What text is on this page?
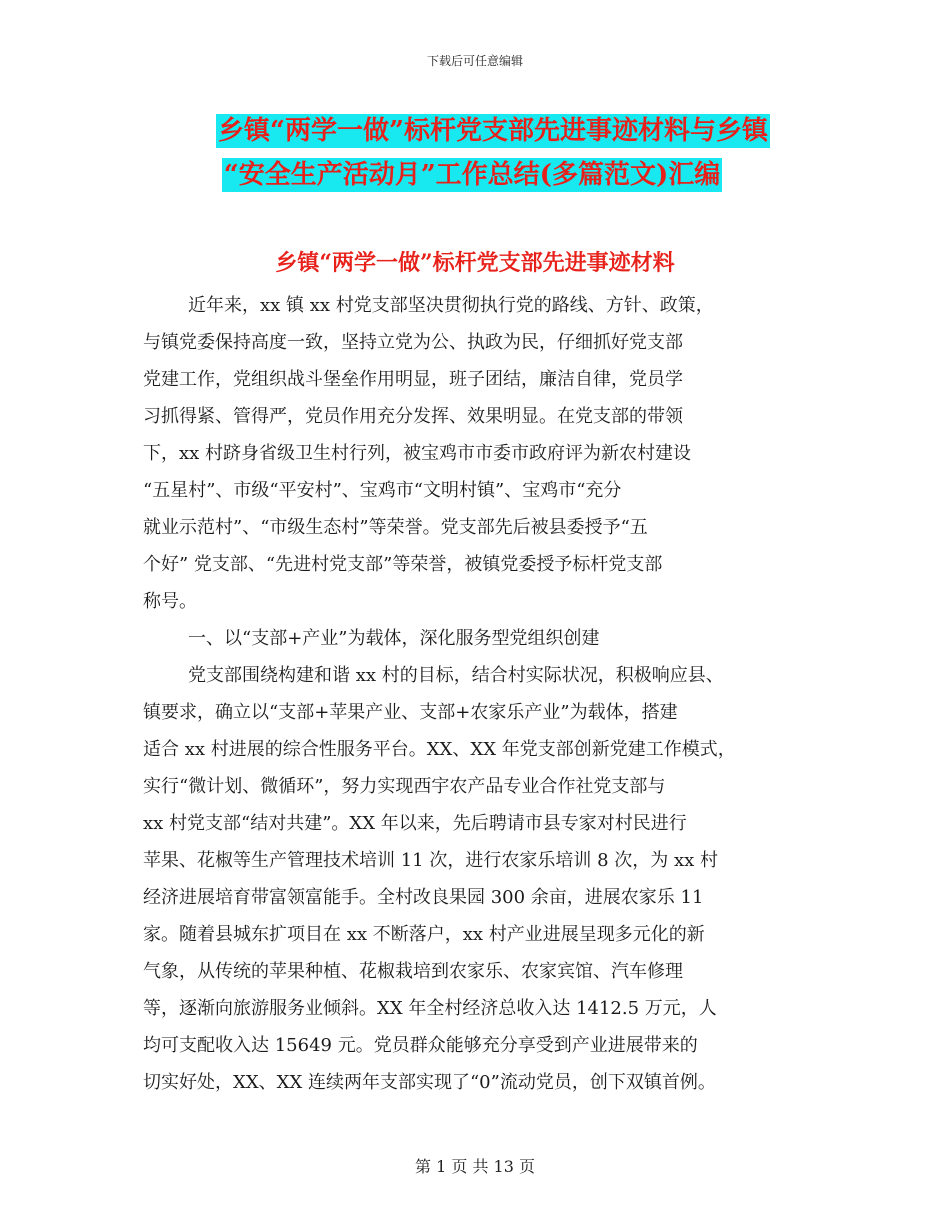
下载后可任意编辑
乡镇“两学一做”标杆党支部先进事迹材料与乡镇
“安全生产活动月”工作总结(多篇范文)汇编
乡镇“两学一做”标杆党支部先进事迹材料
近年来，xx 镇 xx 村党支部坚决贯彻执行党的路线、方针、政策，
与镇党委保持高度一致，坚持立党为公、执政为民，仔细抓好党支部
党建工作，党组织战斗堡垒作用明显，班子团结，廉洁自律，党员学
习抓得紧、管得严，党员作用充分发挥、效果明显。在党支部的带领
下，xx 村跻身省级卫生村行列，被宝鸡市市委市政府评为新农村建设
“五星村”、市级“平安村”、宝鸡市“文明村镇”、宝鸡市“充分
就业示范村”、“市级生态村”等荣誉。党支部先后被县委授予“五
个好” 党支部、“先进村党支部”等荣誉，被镇党委授予标杆党支部
称号。
一、以“支部+产业”为载体，深化服务型党组织创建
党支部围绕构建和谐 xx 村的目标，结合村实际状况，积极响应县、
镇要求，确立以“支部+苹果产业、支部+农家乐产业”为载体，搭建
适合 xx 村进展的综合性服务平台。XX、XX 年党支部创新党建工作模式，
实行“微计划、微循环”，努力实现西宇农产品专业合作社党支部与
xx 村党支部“结对共建”。XX 年以来，先后聘请市县专家对村民进行
苹果、花椒等生产管理技术培训 11 次，进行农家乐培训 8 次，为 xx 村
经济进展培育带富领富能手。全村改良果园 300 余亩，进展农家乐 11
家。随着县城东扩项目在 xx 不断落户，xx 村产业进展呈现多元化的新
气象，从传统的苹果种植、花椒栽培到农家乐、农家宾馆、汽车修理
等，逐渐向旅游服务业倾斜。XX 年全村经济总收入达 1412.5 万元，人
均可支配收入达 15649 元。党员群众能够充分享受到产业进展带来的
切实好处，XX、XX 连续两年支部实现了“0”流动党员，创下双镇首例。
第 1 页 共 13 页
